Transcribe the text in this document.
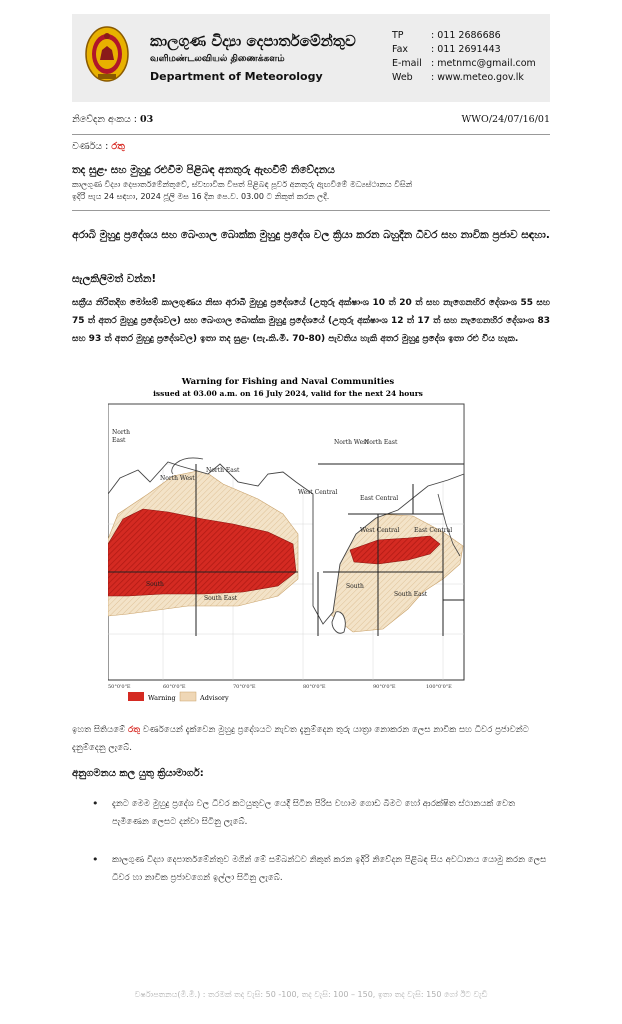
කාලගුණ විද්‍යා දෙපාර්තමේන්තුව
வளிமண்டலவியல் திணைக்களம்
Department of Meteorology
TP	: 011 2686686
Fax : 011 2691443
E-mail : metnmc@gmail.com
Web : www.meteo.gov.lk
නිවේදන අංකය : 03	WWO/24/07/16/01
වර්ණය : රතු
තද සුළං සහ මුහුදු රළුවීම පිළිබඳ අනතුරු ඇඟවීම් නිවේදනය
කාලගුණ විද්‍යා දෙපාර්තමේන්තුවේ, ස්වභාවික විපත් පිළිබඳ පූර්ව අනතුරු ඇඟවීමේ මධ්‍යස්ථානය විසින්
ඉදිරි පැය 24 සඳහා, 2024 ජූලි මස 16 දින පෙ.ව. 03.00 ට නිකුත් කරන ලදී.
අරාබි මුහුදු ප්‍රදේශය සහ බෙංගාල බොක්ක මුහුදු ප්‍රදේශ වල ක්‍රියා කරන බහුදින ධීවර සහ නාවික ප්‍රජාව සඳහා.
සැලකිලිමත් වන්න!
සක්‍රීය නිරිතදිග මෝසම් කාලගුණය නිසා අරාබි මුහුදු ප්‍රදේශයේ (උතුරු අක්ෂාංශ 10 ත් 20 ත් සහ නැගෙනහිර දේශාංශ 55 සහ 75 ත් අතර මුහුදු ප්‍රදේශවල) සහ බෙංගාල බොක්ක මුහුදු ප්‍රදේශයේ (උතුරු අක්ෂාංශ 12 ත් 17 ත් සහ නැගෙනහිර දේශාංශ 83 සහ 93 ත් අතර මුහුදු ප්‍රදේශවල) ඉතා තද සුළං (පැ.කි.මී. 70-80) පැවතිය හැකි අතර මුහුදු ප්‍රදේශ ඉතා රළු විය හැක.
Warning for Fishing and Naval Communities
issued at 03.00 a.m. on 16 July 2024, valid for the next 24 hours
North
East
North West
North East
West Central
South
South East
North West
North East
East Central
West Central East Central
South
South East
50°0'0"E	60°0'0"E	70°0'0"E	80°0'0"E	90°0'0"E	100°0'0"E
Warning	Advisory
ඉහත සිතියමේ රතු වර්ණයෙන් දැක්වෙන මුහුදු ප්‍රදේශයට නැවත දැනුම්දෙන තුරු යාත්‍රා නොකරන ලෙස නාවික සහ ධීවර ප්‍රජාවන්ට දැනුම්දෙනු ලැබේ.
අනුගමනය කල යුතු ක්‍රියාමාර්ග:
• දැනට මෙම මුහුදු ප්‍රදේශ වල ධීවර කටයුතුවල යෙදී සිටින පිරිස වහාම ගොඩ බිමට හෝ ආරක්ෂිත ස්ථානයක් වෙත පැමිණෙන ලෙසට දන්වා සිටිනු ලැබේ.
• කාලගුණ විද්‍යා දෙපාර්තමේන්තුව මගින් මේ සම්බන්ධව නිකුත් කරන ඉදිරි නිවේදන පිළිබඳ සිය අවධානය යොමු කරන ලෙස ධීවර හා නාවික ප්‍රජාවගෙන් ඉල්ලා සිටිනු ලැබේ.
වර්ෂාපතනය(මි.මී.) : තරමක් තද වැසි: 50 -100, තද වැසි: 100 – 150, ඉතා තද වැසි: 150 ගෝ ඊට වැඩි
